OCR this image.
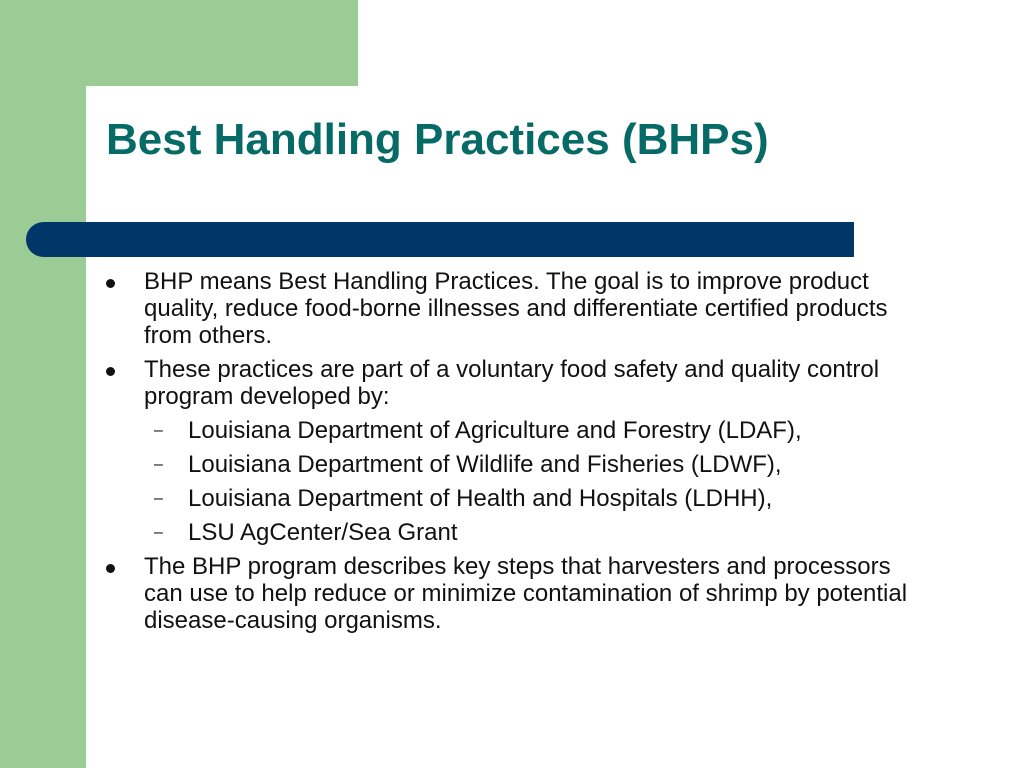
Best Handling Practices (BHPs)
BHP means Best Handling Practices. The goal is to improve product quality, reduce food-borne illnesses and differentiate certified products from others.
These practices are part of a voluntary food safety and quality control program developed by:
– Louisiana Department of Agriculture and Forestry (LDAF),
– Louisiana Department of Wildlife and Fisheries (LDWF),
– Louisiana Department of Health and Hospitals (LDHH),
– LSU AgCenter/Sea Grant
The BHP program describes key steps that harvesters and processors can use to help reduce or minimize contamination of shrimp by potential disease-causing organisms.
